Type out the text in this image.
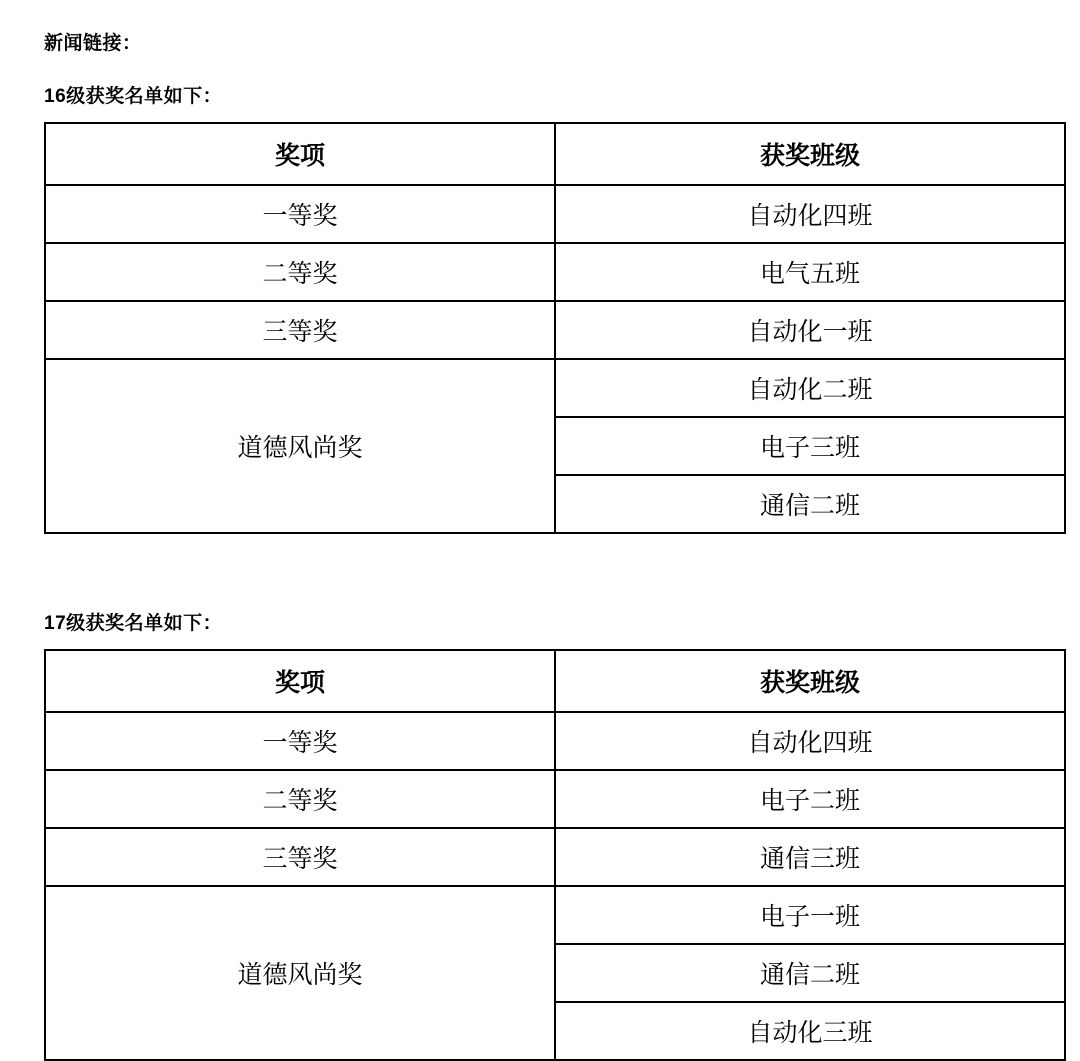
新闻链接：
16级获奖名单如下：
奖项	获奖班级
一等奖	自动化四班
二等奖	电气五班
三等奖	自动化一班
道德风尚奖	自动化二班
	电子三班
	通信二班
17级获奖名单如下：
奖项	获奖班级
一等奖	自动化四班
二等奖	电子二班
三等奖	通信三班
道德风尚奖	电子一班
	通信二班
	自动化三班
